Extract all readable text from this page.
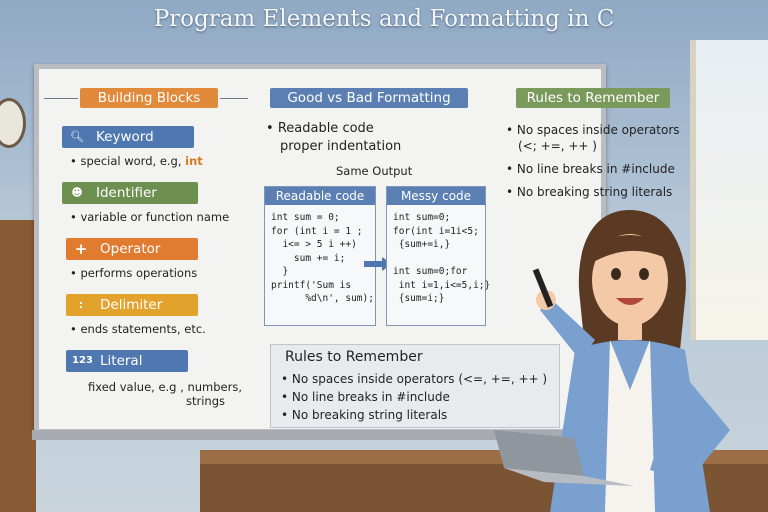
Program Elements and Formatting in C
Building Blocks
🔍︎ Keyword
• special word, e.g, int
☻ Identifier
• variable or function name
+ Operator
• performs operations
:	Delimiter
• ends statements, etc.
123 Literal
fixed value, e.g , numbers,
strings
Good vs Bad Formatting
• Readable code
proper indentation
Same Output
Readable code
int sum = 0;
for (int i = 1 ;
i<= > 5 i ++)
sum += i;
}
printf('Sum is
%d\n', sum);
Messy code
int sum=0;
for(int i=1i<5;
{sum+=i,}

int sum=0;for
int i=1,i<=5,i;}
{sum=i;}
Rules to Remember
• No spaces inside operators
(<; +=, ++ )
• No line breaks in #include
• No breaking string literals
Rules to Remember
• No spaces inside operators (<=, +=, ++ )
• No line breaks in #include
• No breaking string literals
